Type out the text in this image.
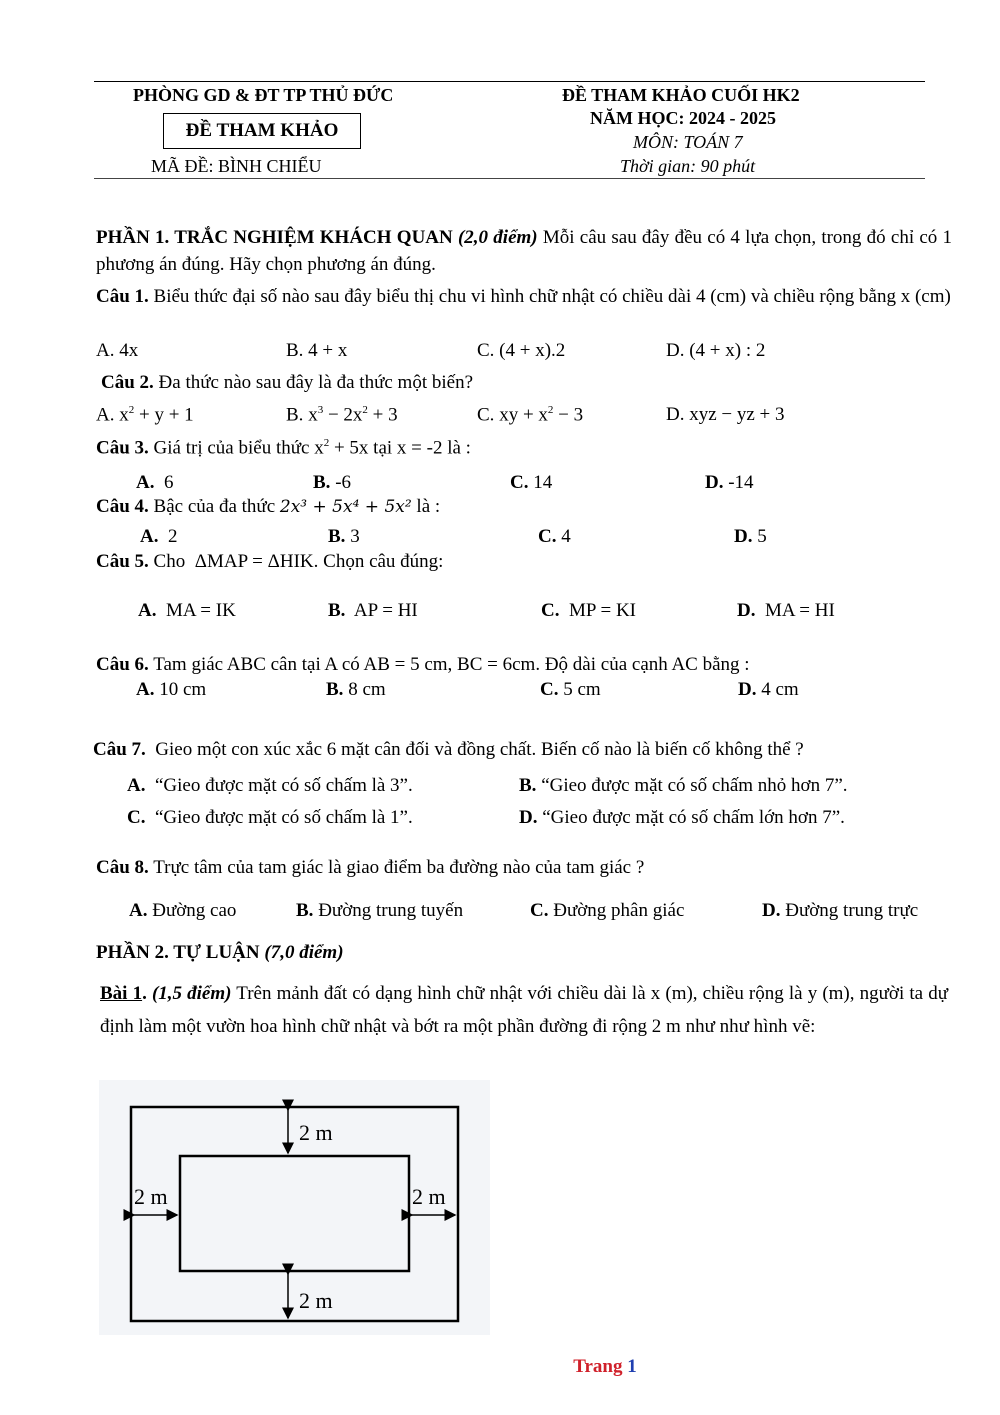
PHÒNG GD & ĐT TP THỦ ĐỨC
ĐỀ THAM KHẢO
MÃ ĐỀ: BÌNH CHIỂU
ĐỀ THAM KHẢO CUỐI HK2
NĂM HỌC: 2024 - 2025
MÔN: TOÁN 7
Thời gian: 90 phút
PHẦN 1. TRẮC NGHIỆM KHÁCH QUAN (2,0 điểm) Mỗi câu sau đây đều có 4 lựa chọn, trong đó chỉ có 1 phương án đúng. Hãy chọn phương án đúng.
Câu 1. Biểu thức đại số nào sau đây biểu thị chu vi hình chữ nhật có chiều dài 4 (cm) và chiều rộng bằng x (cm)
A. 4x	B. 4 + x	C. (4 + x).2	D. (4 + x) : 2
Câu 2. Đa thức nào sau đây là đa thức một biến?
A. $x^2 + y + 1$	B. $x^3 - 2x^2 + 3$	C. xy + $x^2 - 3$	D. xyz − yz + 3
Câu 3. Giá trị của biểu thức $x^2 + 5x$ tại x = -2 là :
A. 6	B. -6	C. 14	D. -14
Câu 4. Bậc của đa thức 2x³ + 5x⁴ + 5x² là :
A. 2	B. 3	C. 4	D. 5
Câu 5. Cho ΔMAP = ΔHIK. Chọn câu đúng:
A. MA = IK	B. AP = HI	C. MP = KI	D. MA = HI
Câu 6. Tam giác ABC cân tại A có AB = 5 cm, BC = 6cm. Độ dài của cạnh AC bằng :
A. 10 cm	B. 8 cm	C. 5 cm	D. 4 cm
Câu 7. Gieo một con xúc xắc 6 mặt cân đối và đồng chất. Biến cố nào là biến cố không thể ?
A. “Gieo được mặt có số chấm là 3”.	B. “Gieo được mặt có số chấm nhỏ hơn 7”.
C. “Gieo được mặt có số chấm là 1”.	D. “Gieo được mặt có số chấm lớn hơn 7”.
Câu 8. Trực tâm của tam giác là giao điểm ba đường nào của tam giác ?
A. Đường cao	B. Đường trung tuyến	C. Đường phân giác	D. Đường trung trực
PHẦN 2. TỰ LUẬN (7,0 điểm)
Bài 1. (1,5 điểm) Trên mảnh đất có dạng hình chữ nhật với chiều dài là x (m), chiều rộng là y (m), người ta dự định làm một vườn hoa hình chữ nhật và bớt ra một phần đường đi rộng 2 m như như hình vẽ:
2 m
2 m
2 m	2 m
Trang 1
